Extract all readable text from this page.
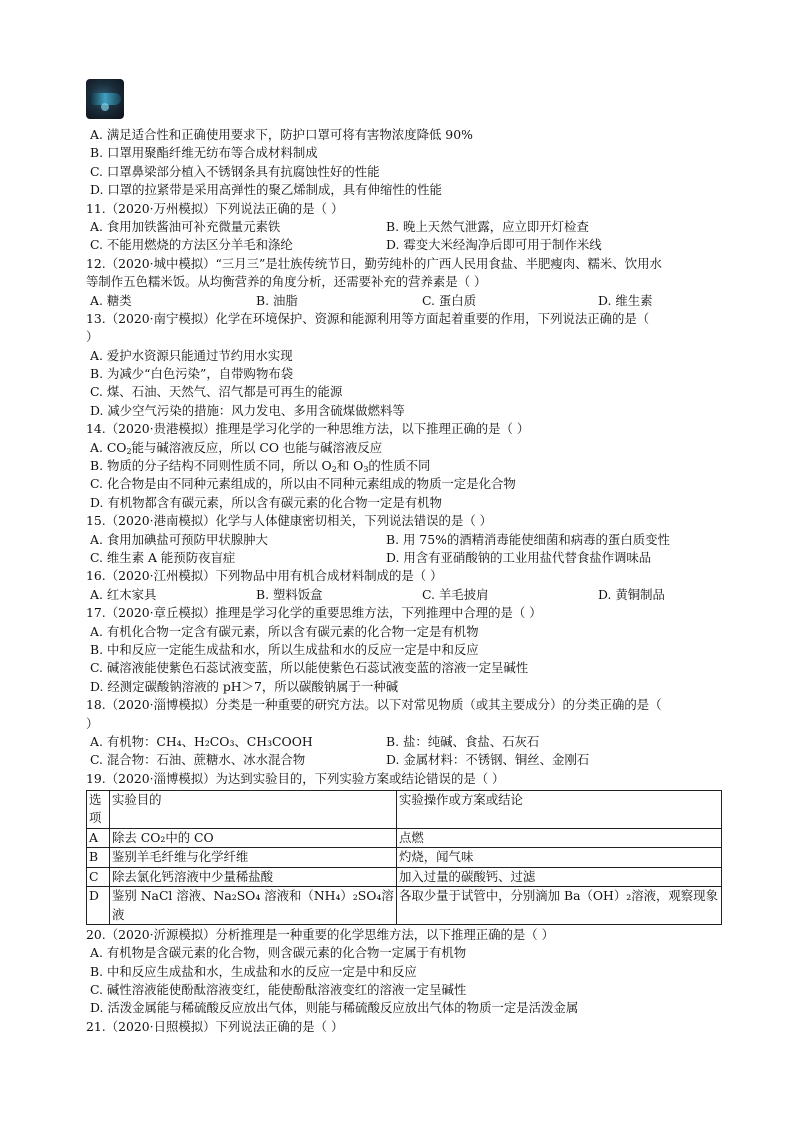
A. 满足适合性和正确使用要求下，防护口罩可将有害物浓度降低 90%
B. 口罩用聚酯纤维无纺布等合成材料制成
C. 口罩鼻梁部分植入不锈钢条具有抗腐蚀性好的性能
D. 口罩的拉紧带是采用高弹性的聚乙烯制成，具有伸缩性的性能
11.（2020·万州模拟）下列说法正确的是（ ）
A. 食用加铁酱油可补充微量元素铁	B. 晚上天然气泄露，应立即开灯检查
C. 不能用燃烧的方法区分羊毛和涤纶	D. 霉变大米经淘净后即可用于制作米线
12.（2020·城中模拟）“三月三”是壮族传统节日，勤劳纯朴的广西人民用食盐、半肥瘦肉、糯米、饮用水
等制作五色糯米饭。从均衡营养的角度分析，还需要补充的营养素是（ ）
A. 糖类	B. 油脂	C. 蛋白质	D. 维生素
13.（2020·南宁模拟）化学在环境保护、资源和能源利用等方面起着重要的作用，下列说法正确的是（
）
A. 爱护水资源只能通过节约用水实现
B. 为减少“白色污染”，自带购物布袋
C. 煤、石油、天然气、沼气都是可再生的能源
D. 减少空气污染的措施：风力发电、多用含硫煤做燃料等
14.（2020·贵港模拟）推理是学习化学的一种思维方法，以下推理正确的是（ ）
A. $CO_2$能与碱溶液反应，所以 CO 也能与碱溶液反应
B. 物质的分子结构不同则性质不同，所以 $O_2$和 $O_3$的性质不同
C. 化合物是由不同种元素组成的，所以由不同种元素组成的物质一定是化合物
D. 有机物都含有碳元素，所以含有碳元素的化合物一定是有机物
15.（2020·港南模拟）化学与人体健康密切相关，下列说法错误的是（ ）
A. 食用加碘盐可预防甲状腺肿大	B. 用 75%的酒精消毒能使细菌和病毒的蛋白质变性
C. 维生素 A 能预防夜盲症	D. 用含有亚硝酸钠的工业用盐代替食盐作调味品
16.（2020·江州模拟）下列物品中用有机合成材料制成的是（ ）
A. 红木家具	B. 塑料饭盒	C. 羊毛披肩	D. 黄铜制品
17.（2020·章丘模拟）推理是学习化学的重要思维方法，下列推理中合理的是（ ）
A. 有机化合物一定含有碳元素，所以含有碳元素的化合物一定是有机物
B. 中和反应一定能生成盐和水，所以生成盐和水的反应一定是中和反应
C. 碱溶液能使紫色石蕊试液变蓝，所以能使紫色石蕊试液变蓝的溶液一定呈碱性
D. 经测定碳酸钠溶液的 pH＞7，所以碳酸钠属于一种碱
18.（2020·淄博模拟）分类是一种重要的研究方法。以下对常见物质（或其主要成分）的分类正确的是（
）
A. 有机物：CH₄、H₂CO₃、CH₃COOH	B. 盐：纯碱、食盐、石灰石
C. 混合物：石油、蔗糖水、冰水混合物	D. 金属材料：不锈钢、铜丝、金刚石
19.（2020·淄博模拟）为达到实验目的，下列实验方案或结论错误的是（ ）
选项	实验目的	实验操作或方案或结论
A	除去 CO₂中的 CO	点燃
B	鉴别羊毛纤维与化学纤维	灼烧，闻气味
C	除去氯化钙溶液中少量稀盐酸	加入过量的碳酸钙、过滤
D	鉴别 NaCl 溶液、Na₂SO₄ 溶液和（NH₄）₂SO₄溶液	各取少量于试管中，分别滴加 Ba（OH）₂溶液，观察现象
20.（2020·沂源模拟）分析推理是一种重要的化学思维方法，以下推理正确的是（ ）
A. 有机物是含碳元素的化合物，则含碳元素的化合物一定属于有机物
B. 中和反应生成盐和水，生成盐和水的反应一定是中和反应
C. 碱性溶液能使酚酞溶液变红，能使酚酞溶液变红的溶液一定呈碱性
D. 活泼金属能与稀硫酸反应放出气体，则能与稀硫酸反应放出气体的物质一定是活泼金属
21.（2020·日照模拟）下列说法正确的是（ ）
